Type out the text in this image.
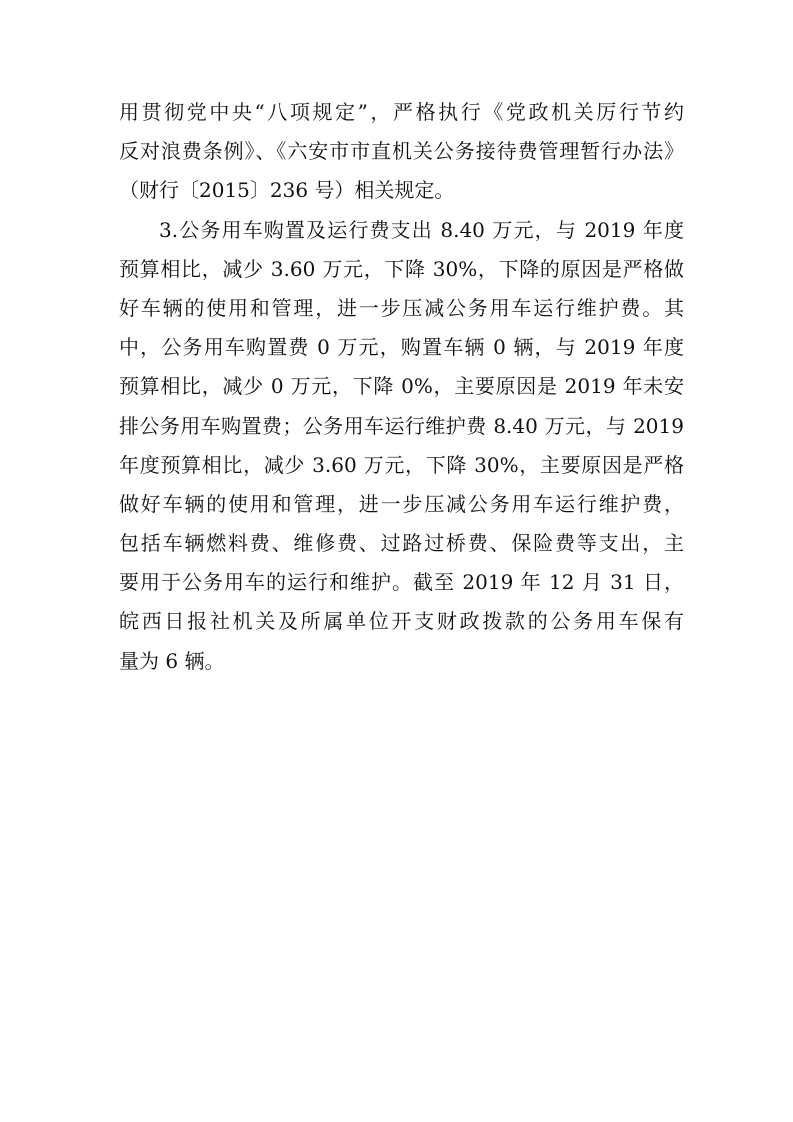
用贯彻党中央“八项规定”，严格执行《党政机关厉行节约
反对浪费条例》、《六安市市直机关公务接待费管理暂行办法》
（财行〔2015〕236 号）相关规定。
3.公务用车购置及运行费支出 8.40 万元，与 2019 年度
预算相比，减少 3.60 万元，下降 30%，下降的原因是严格做
好车辆的使用和管理，进一步压减公务用车运行维护费。其
中，公务用车购置费 0 万元，购置车辆 0 辆，与 2019 年度
预算相比，减少 0 万元，下降 0%，主要原因是 2019 年未安
排公务用车购置费；公务用车运行维护费 8.40 万元，与 2019
年度预算相比，减少 3.60 万元，下降 30%，主要原因是严格
做好车辆的使用和管理，进一步压减公务用车运行维护费，
包括车辆燃料费、维修费、过路过桥费、保险费等支出，主
要用于公务用车的运行和维护。截至 2019 年 12 月 31 日，
皖西日报社机关及所属单位开支财政拨款的公务用车保有
量为 6 辆。
